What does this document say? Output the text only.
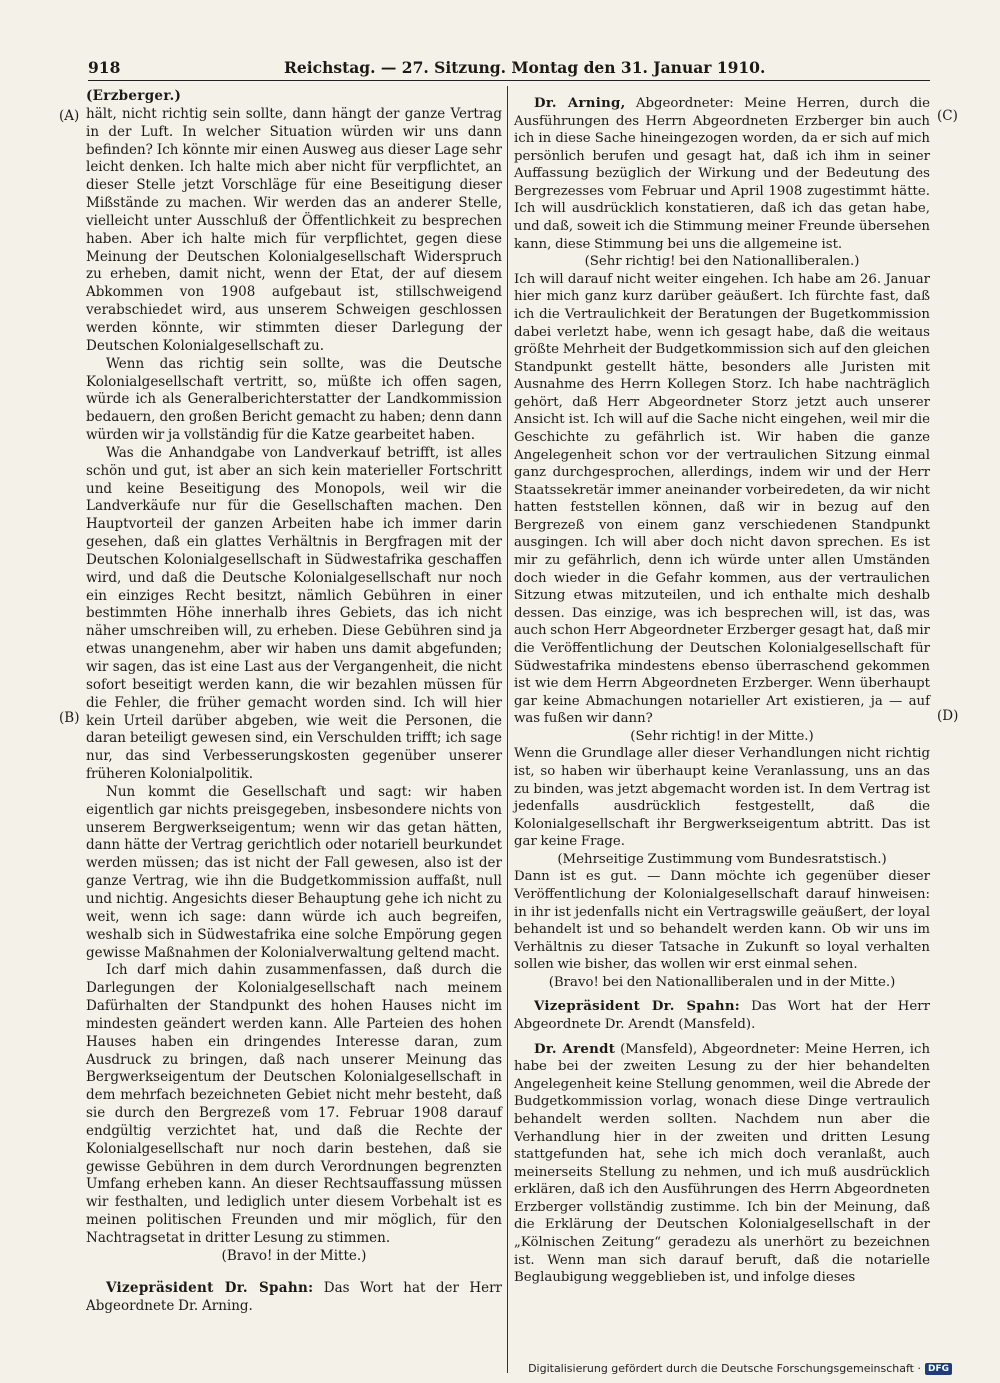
918	Reichstag. — 27. Sitzung. Montag den 31. Januar 1910.
(A)
(B)
(C)
(D)

(Erzberger.)

hält, nicht richtig sein sollte, dann hängt der ganze Vertrag in der Luft. In welcher Situation würden wir uns dann befinden? Ich könnte mir einen Ausweg aus dieser Lage sehr leicht denken. Ich halte mich aber nicht für verpflichtet, an dieser Stelle jetzt Vorschläge für eine Beseitigung dieser Mißstände zu machen. Wir werden das an anderer Stelle, vielleicht unter Ausschluß der Öffentlichkeit zu besprechen haben. Aber ich halte mich für verpflichtet, gegen diese Meinung der Deutschen Kolonialgesellschaft Widerspruch zu erheben, damit nicht, wenn der Etat, der auf diesem Abkommen von 1908 aufgebaut ist, stillschweigend verabschiedet wird, aus unserem Schweigen geschlossen werden könnte, wir stimmten dieser Darlegung der Deutschen Kolonialgesellschaft zu.

Wenn das richtig sein sollte, was die Deutsche Kolonialgesellschaft vertritt, so, müßte ich offen sagen, würde ich als Generalberichterstatter der Landkommission bedauern, den großen Bericht gemacht zu haben; denn dann würden wir ja vollständig für die Katze gearbeitet haben.

Was die Anhandgabe von Landverkauf betrifft, ist alles schön und gut, ist aber an sich kein materieller Fortschritt und keine Beseitigung des Monopols, weil wir die Landverkäufe nur für die Gesellschaften machen. Den Hauptvorteil der ganzen Arbeiten habe ich immer darin gesehen, daß ein glattes Verhältnis in Bergfragen mit der Deutschen Kolonialgesellschaft in Südwestafrika geschaffen wird, und daß die Deutsche Kolonialgesellschaft nur noch ein einziges Recht besitzt, nämlich Gebühren in einer bestimmten Höhe innerhalb ihres Gebiets, das ich nicht näher umschreiben will, zu erheben. Diese Gebühren sind ja etwas unangenehm, aber wir haben uns damit abgefunden; wir sagen, das ist eine Last aus der Vergangenheit, die nicht sofort beseitigt werden kann, die wir bezahlen müssen für die Fehler, die früher gemacht worden sind. Ich will hier kein Urteil darüber abgeben, wie weit die Personen, die daran beteiligt gewesen sind, ein Verschulden trifft; ich sage nur, das sind Verbesserungskosten gegenüber unserer früheren Kolonialpolitik.

Nun kommt die Gesellschaft und sagt: wir haben eigentlich gar nichts preisgegeben, insbesondere nichts von unserem Bergwerkseigentum; wenn wir das getan hätten, dann hätte der Vertrag gerichtlich oder notariell beurkundet werden müssen; das ist nicht der Fall gewesen, also ist der ganze Vertrag, wie ihn die Budgetkommission auffaßt, null und nichtig. Angesichts dieser Behauptung gehe ich nicht zu weit, wenn ich sage: dann würde ich auch begreifen, weshalb sich in Südwestafrika eine solche Empörung gegen gewisse Maßnahmen der Kolonialverwaltung geltend macht.

Ich darf mich dahin zusammenfassen, daß durch die Darlegungen der Kolonialgesellschaft nach meinem Dafürhalten der Standpunkt des hohen Hauses nicht im mindesten geändert werden kann. Alle Parteien des hohen Hauses haben ein dringendes Interesse daran, zum Ausdruck zu bringen, daß nach unserer Meinung das Bergwerkseigentum der Deutschen Kolonialgesellschaft in dem mehrfach bezeichneten Gebiet nicht mehr besteht, daß sie durch den Bergrezeß vom 17. Februar 1908 darauf endgültig verzichtet hat, und daß die Rechte der Kolonialgesellschaft nur noch darin bestehen, daß sie gewisse Gebühren in dem durch Verordnungen begrenzten Umfang erheben kann. An dieser Rechtsauffassung müssen wir festhalten, und lediglich unter diesem Vorbehalt ist es meinen politischen Freunden und mir möglich, für den Nachtragsetat in dritter Lesung zu stimmen.

(Bravo! in der Mitte.)

Vizepräsident Dr. Spahn: Das Wort hat der Herr Abgeordnete Dr. Arning.

Dr. Arning, Abgeordneter: Meine Herren, durch die Ausführungen des Herrn Abgeordneten Erzberger bin auch ich in diese Sache hineingezogen worden, da er sich auf mich persönlich berufen und gesagt hat, daß ich ihm in seiner Auffassung bezüglich der Wirkung und der Bedeutung des Bergrezesses vom Februar und April 1908 zugestimmt hätte. Ich will ausdrücklich konstatieren, daß ich das getan habe, und daß, soweit ich die Stimmung meiner Freunde übersehen kann, diese Stimmung bei uns die allgemeine ist.

(Sehr richtig! bei den Nationalliberalen.)

Ich will darauf nicht weiter eingehen. Ich habe am 26. Januar hier mich ganz kurz darüber geäußert. Ich fürchte fast, daß ich die Vertraulichkeit der Beratungen der Bugetkommission dabei verletzt habe, wenn ich gesagt habe, daß die weitaus größte Mehrheit der Budgetkommission sich auf den gleichen Standpunkt gestellt hätte, besonders alle Juristen mit Ausnahme des Herrn Kollegen Storz. Ich habe nachträglich gehört, daß Herr Abgeordneter Storz jetzt auch unserer Ansicht ist. Ich will auf die Sache nicht eingehen, weil mir die Geschichte zu gefährlich ist. Wir haben die ganze Angelegenheit schon vor der vertraulichen Sitzung einmal ganz durchgesprochen, allerdings, indem wir und der Herr Staatssekretär immer aneinander vorbeiredeten, da wir nicht hatten feststellen können, daß wir in bezug auf den Bergrezeß von einem ganz verschiedenen Standpunkt ausgingen. Ich will aber doch nicht davon sprechen. Es ist mir zu gefährlich, denn ich würde unter allen Umständen doch wieder in die Gefahr kommen, aus der vertraulichen Sitzung etwas mitzuteilen, und ich enthalte mich deshalb dessen. Das einzige, was ich besprechen will, ist das, was auch schon Herr Abgeordneter Erzberger gesagt hat, daß mir die Veröffentlichung der Deutschen Kolonialgesellschaft für Südwestafrika mindestens ebenso überraschend gekommen ist wie dem Herrn Abgeordneten Erzberger. Wenn überhaupt gar keine Abmachungen notarieller Art existieren, ja — auf was fußen wir dann?

(Sehr richtig! in der Mitte.)

Wenn die Grundlage aller dieser Verhandlungen nicht richtig ist, so haben wir überhaupt keine Veranlassung, uns an das zu binden, was jetzt abgemacht worden ist. In dem Vertrag ist jedenfalls ausdrücklich festgestellt, daß die Kolonialgesellschaft ihr Bergwerkseigentum abtritt. Das ist gar keine Frage.

(Mehrseitige Zustimmung vom Bundesratstisch.)

Dann ist es gut. — Dann möchte ich gegenüber dieser Veröffentlichung der Kolonialgesellschaft darauf hinweisen: in ihr ist jedenfalls nicht ein Vertragswille geäußert, der loyal behandelt ist und so behandelt werden kann. Ob wir uns im Verhältnis zu dieser Tatsache in Zukunft so loyal verhalten sollen wie bisher, das wollen wir erst einmal sehen.

(Bravo! bei den Nationalliberalen und in der Mitte.)

Vizepräsident Dr. Spahn: Das Wort hat der Herr Abgeordnete Dr. Arendt (Mansfeld).

Dr. Arendt (Mansfeld), Abgeordneter: Meine Herren, ich habe bei der zweiten Lesung zu der hier behandelten Angelegenheit keine Stellung genommen, weil die Abrede der Budgetkommission vorlag, wonach diese Dinge vertraulich behandelt werden sollten. Nachdem nun aber die Verhandlung hier in der zweiten und dritten Lesung stattgefunden hat, sehe ich mich doch veranlaßt, auch meinerseits Stellung zu nehmen, und ich muß ausdrücklich erklären, daß ich den Ausführungen des Herrn Abgeordneten Erzberger vollständig zustimme. Ich bin der Meinung, daß die Erklärung der Deutschen Kolonialgesellschaft in der „Kölnischen Zeitung“ geradezu als unerhört zu bezeichnen ist. Wenn man sich darauf beruft, daß die notarielle Beglaubigung weggeblieben ist, und infolge dieses

Digitalisierung gefördert durch die Deutsche Forschungsgemeinschaft · DFG
